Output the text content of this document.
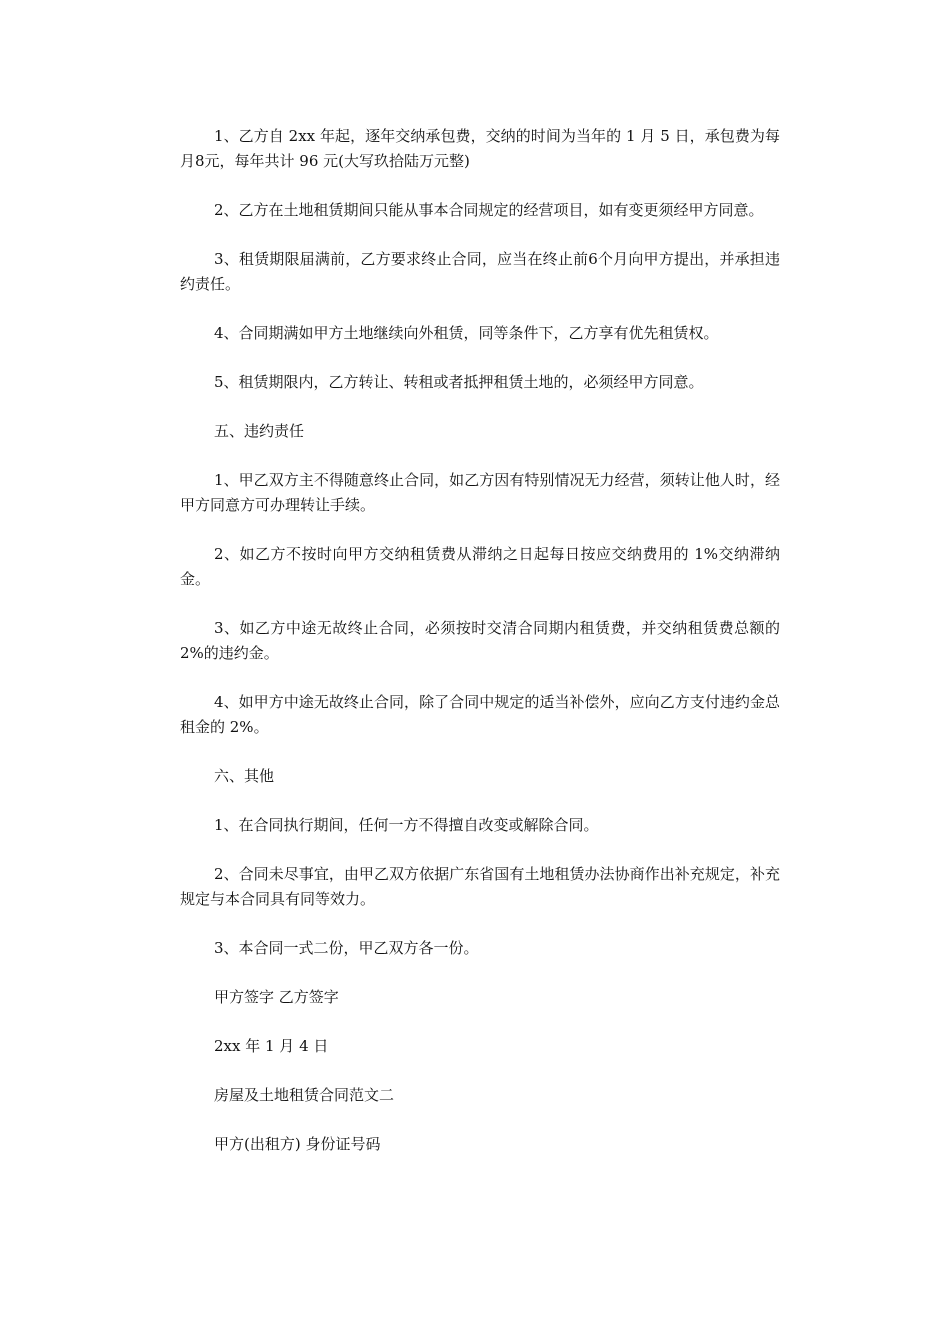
1、乙方自 2xx 年起，逐年交纳承包费，交纳的时间为当年的 1 月 5 日，承包费为每月8元，每年共计 96 元(大写玖拾陆万元整)

2、乙方在土地租赁期间只能从事本合同规定的经营项目，如有变更须经甲方同意。

3、租赁期限届满前，乙方要求终止合同，应当在终止前6个月向甲方提出，并承担违约责任。

4、合同期满如甲方土地继续向外租赁，同等条件下，乙方享有优先租赁权。

5、租赁期限内，乙方转让、转租或者抵押租赁土地的，必须经甲方同意。

五、违约责任

1、甲乙双方主不得随意终止合同，如乙方因有特别情况无力经营，须转让他人时，经甲方同意方可办理转让手续。

2、如乙方不按时向甲方交纳租赁费从滞纳之日起每日按应交纳费用的 1%交纳滞纳金。

3、如乙方中途无故终止合同，必须按时交清合同期内租赁费，并交纳租赁费总额的 2%的违约金。

4、如甲方中途无故终止合同，除了合同中规定的适当补偿外，应向乙方支付违约金总租金的 2%。

六、其他

1、在合同执行期间，任何一方不得擅自改变或解除合同。

2、合同未尽事宜，由甲乙双方依据广东省国有土地租赁办法协商作出补充规定，补充规定与本合同具有同等效力。

3、本合同一式二份，甲乙双方各一份。

甲方签字 乙方签字

2xx 年 1 月 4 日

房屋及土地租赁合同范文二

甲方(出租方) 身份证号码
